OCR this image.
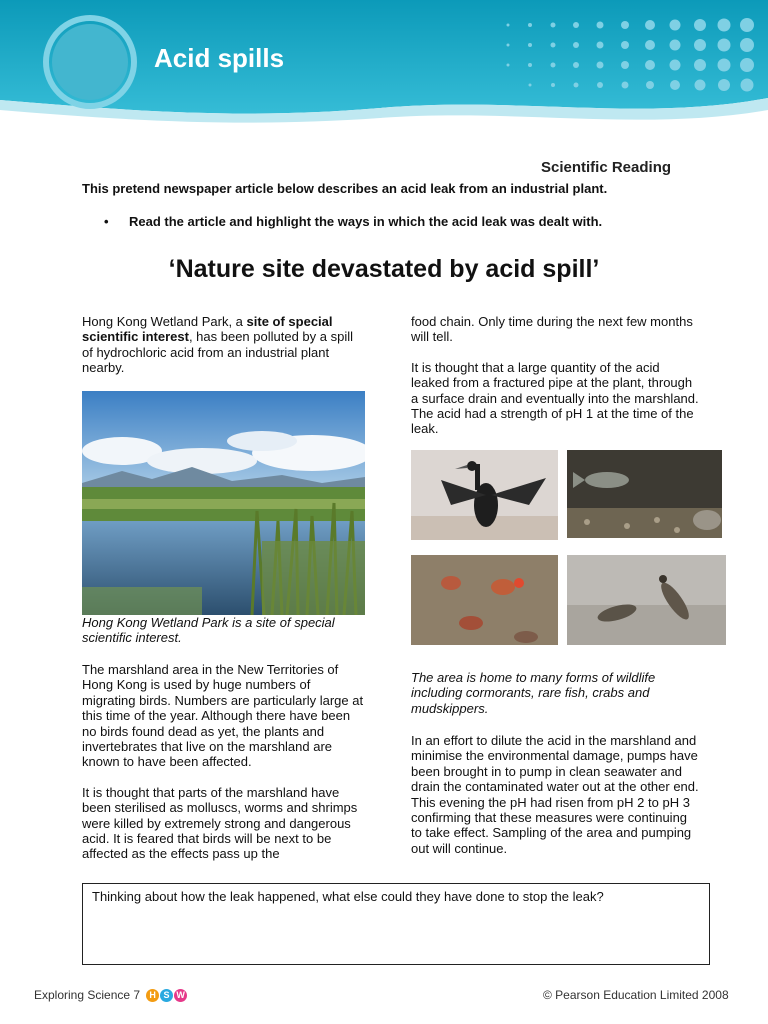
Acid spills
Scientific Reading
This pretend newspaper article below describes an acid leak from an industrial plant.
• Read the article and highlight the ways in which the acid leak was dealt with.
‘Nature site devastated by acid spill’

Hong Kong Wetland Park, a site of special scientific interest, has been polluted by a spill of hydrochloric acid from an industrial plant nearby.

Hong Kong Wetland Park is a site of special scientific interest.

The marshland area in the New Territories of Hong Kong is used by huge numbers of migrating birds. Numbers are particularly large at this time of the year. Although there have been no birds found dead as yet, the plants and invertebrates that live on the marshland are known to have been affected.

It is thought that parts of the marshland have been sterilised as molluscs, worms and shrimps were killed by extremely strong and dangerous acid. It is feared that birds will be next to be affected as the effects pass up the

food chain. Only time during the next few months will tell.

It is thought that a large quantity of the acid leaked from a fractured pipe at the plant, through a surface drain and eventually into the marshland. The acid had a strength of pH 1 at the time of the leak.

The area is home to many forms of wildlife including cormorants, rare fish, crabs and mudskippers.

In an effort to dilute the acid in the marshland and minimise the environmental damage, pumps have been brought in to pump in clean seawater and drain the contaminated water out at the other end. This evening the pH had risen from pH 2 to pH 3 confirming that these measures were continuing to take effect. Sampling of the area and pumping out will continue.

Thinking about how the leak happened, what else could they have done to stop the leak?
Exploring Science 7	H S W	© Pearson Education Limited 2008
